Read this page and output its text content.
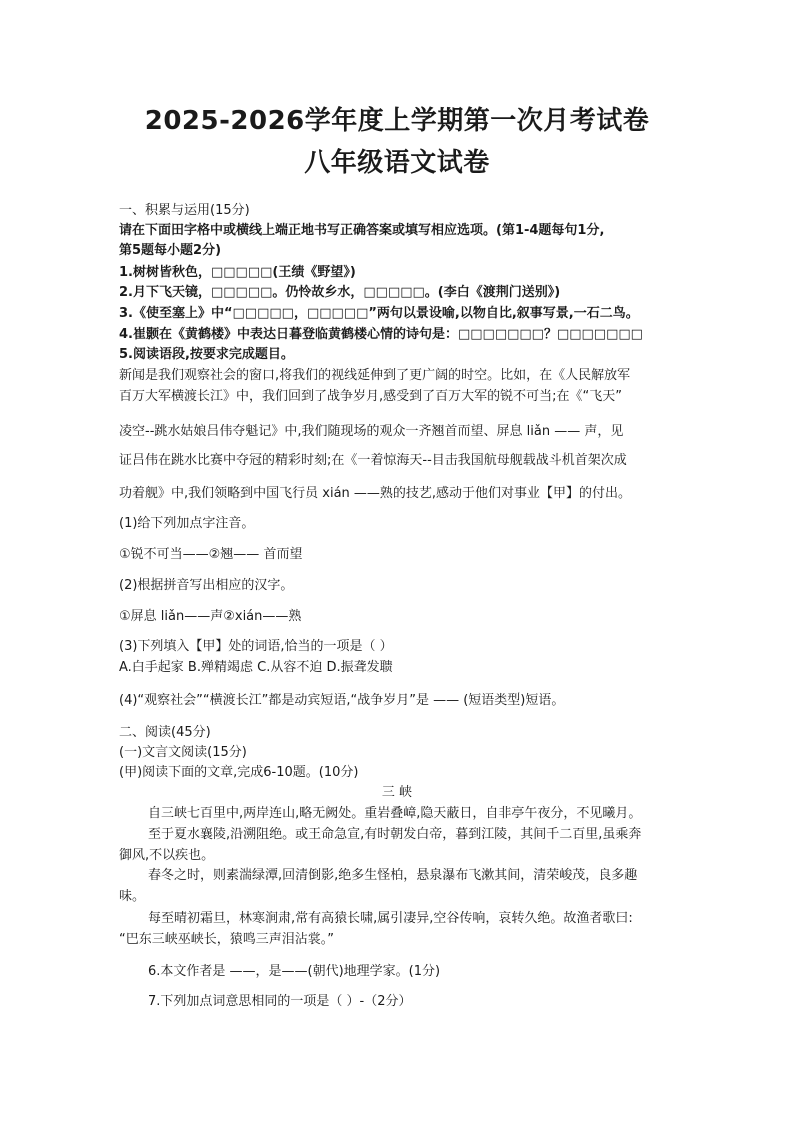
2025-2026学年度上学期第一次月考试卷
八年级语文试卷
一、积累与运用(15分)
请在下面田字格中或横线上端正地书写正确答案或填写相应选项。(第1-4题每句1分,
第5题每小题2分)
1.树树皆秋色，□□□□□(王绩《野望》)
2.月下飞天镜，□□□□□。仍怜故乡水，□□□□□。(李白《渡荆门送别》)
3.《使至塞上》中“□□□□□，□□□□□”两句以景设喻,以物自比,叙事写景,一石二鸟。
4.崔颢在《黄鹤楼》中表达日暮登临黄鹤楼心情的诗句是：□□□□□□□？□□□□□□□
5.阅读语段,按要求完成题目。
新闻是我们观察社会的窗口,将我们的视线延伸到了更广阔的时空。比如，在《人民解放军
百万大军横渡长江》中，我们回到了战争岁月,感受到了百万大军的锐不可当;在《“飞天”
凌空--跳水姑娘吕伟夺魁记》中,我们随现场的观众一齐翘首而望、屏息 liǎn —— 声，见
证吕伟在跳水比赛中夺冠的精彩时刻;在《一着惊海天--目击我国航母舰载战斗机首架次成
功着舰》中,我们领略到中国飞行员 xián ——熟的技艺,感动于他们对事业【甲】的付出。
(1)给下列加点字注音。
①锐不可当——②翘—— 首而望
(2)根据拼音写出相应的汉字。
①屏息 liǎn——声②xián——熟
(3)下列填入【甲】处的词语,恰当的一项是（ ）
A.白手起家 B.殚精竭虑 C.从容不迫 D.振聋发聩
(4)“观察社会”“横渡长江”都是动宾短语,“战争岁月”是 —— (短语类型)短语。
二、阅读(45分)
(一)文言文阅读(15分)
(甲)阅读下面的文章,完成6-10题。(10分)
三 峡
自三峡七百里中,两岸连山,略无阙处。重岩叠嶂,隐天蔽日，自非亭午夜分，不见曦月。
至于夏水襄陵,沿溯阻绝。或王命急宣,有时朝发白帝，暮到江陵，其间千二百里,虽乘奔
御风,不以疾也。
春冬之时，则素湍绿潭,回清倒影,绝多生怪柏，悬泉瀑布飞漱其间，清荣峻茂，良多趣
味。
每至晴初霜旦，林寒涧肃,常有高猿长啸,属引凄异,空谷传响，哀转久绝。故渔者歌曰:
“巴东三峡巫峡长，猿鸣三声泪沾裳。”
6.本文作者是 ——，是——(朝代)地理学家。(1分)
7.下列加点词意思相同的一项是（ ）-（2分）
